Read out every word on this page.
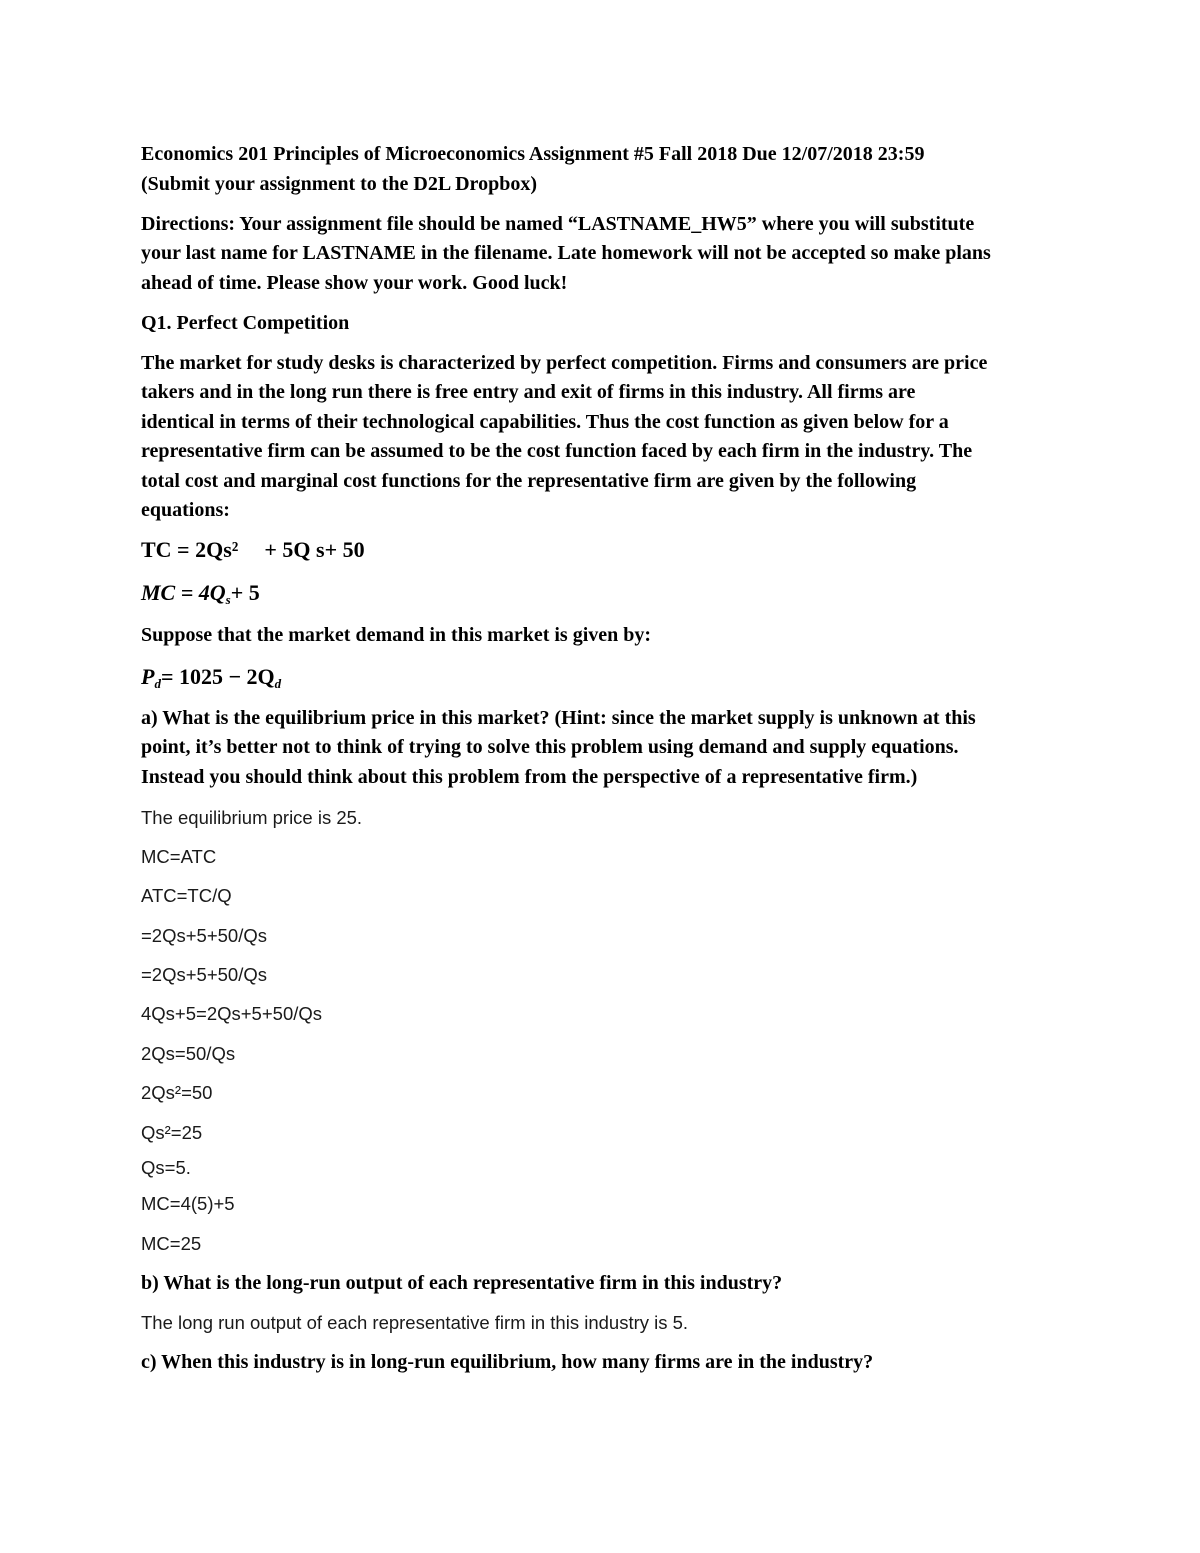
Economics 201 Principles of Microeconomics Assignment #5 Fall 2018 Due 12/07/2018 23:59
(Submit your assignment to the D2L Dropbox)
Directions: Your assignment file should be named “LASTNAME_HW5” where you will substitute
your last name for LASTNAME in the filename. Late homework will not be accepted so make plans
ahead of time. Please show your work. Good luck!
Q1. Perfect Competition
The market for study desks is characterized by perfect competition. Firms and consumers are price
takers and in the long run there is free entry and exit of firms in this industry. All firms are
identical in terms of their technological capabilities. Thus the cost function as given below for a
representative firm can be assumed to be the cost function faced by each firm in the industry. The
total cost and marginal cost functions for the representative firm are given by the following
equations:
TC = 2Qs² + 5Q s+ 50
MC = 4Qs+ 5
Suppose that the market demand in this market is given by:
Pd= 1025 − 2Qd
a) What is the equilibrium price in this market? (Hint: since the market supply is unknown at this
point, it’s better not to think of trying to solve this problem using demand and supply equations.
Instead you should think about this problem from the perspective of a representative firm.)
The equilibrium price is 25.
MC=ATC
ATC=TC/Q
=2Qs+5+50/Qs
=2Qs+5+50/Qs
4Qs+5=2Qs+5+50/Qs
2Qs=50/Qs
2Qs²=50
Qs²=25
Qs=5.
MC=4(5)+5
MC=25
b) What is the long-run output of each representative firm in this industry?
The long run output of each representative firm in this industry is 5.
c) When this industry is in long-run equilibrium, how many firms are in the industry?
